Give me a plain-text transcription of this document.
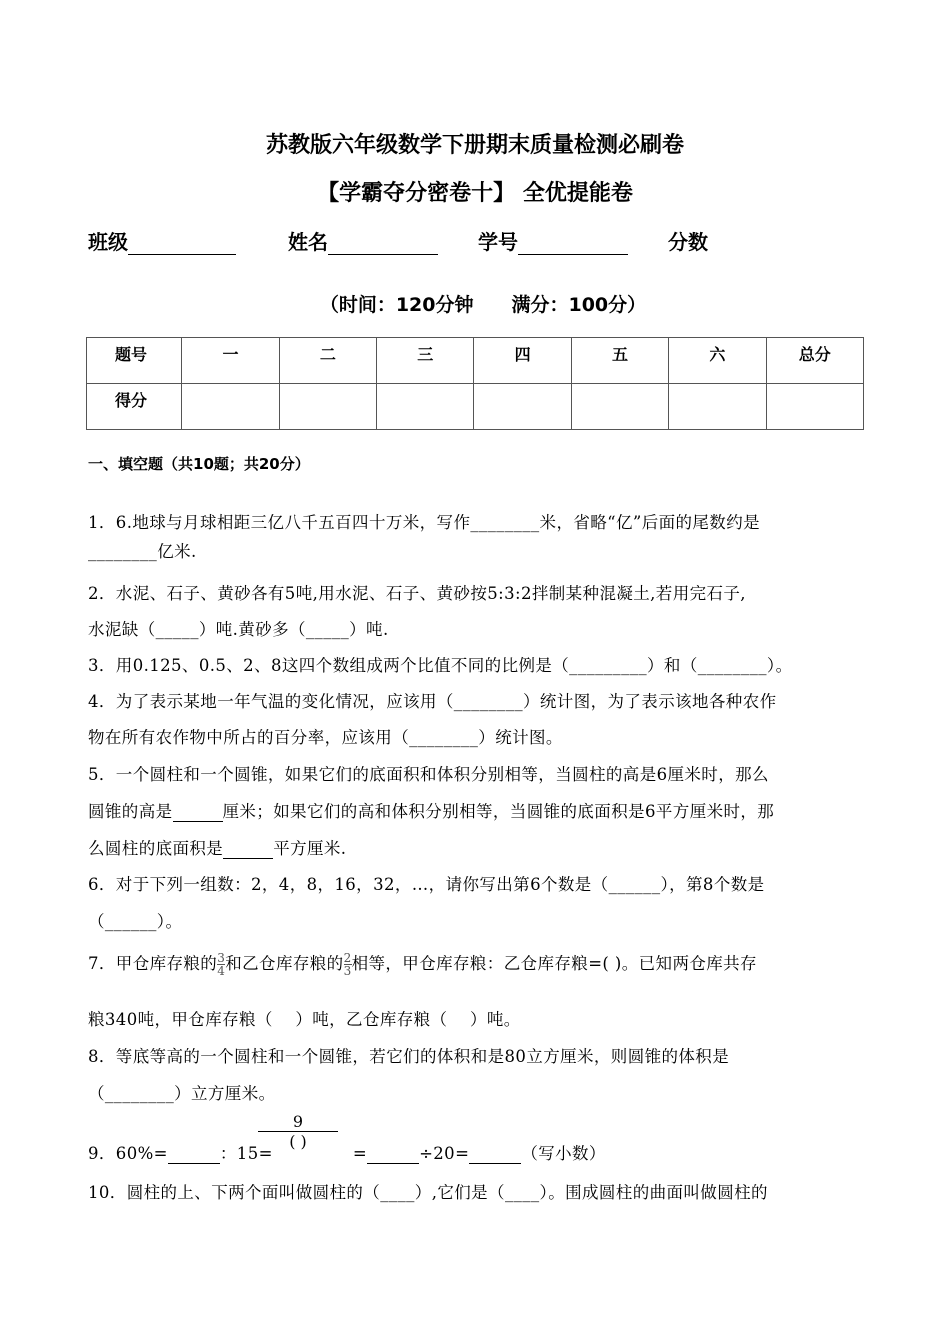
苏教版六年级数学下册期末质量检测必刷卷
【学霸夺分密卷十】 全优提能卷
班级	姓名	学号	分数
（时间：120分钟　　满分：100分）
题号	一	二	三	四	五	六	总分
得分							
一、填空题（共10题；共20分）
1．6.地球与月球相距三亿八千五百四十万米，写作________米，省略“亿”后面的尾数约是
________亿米.
2．水泥、石子、黄砂各有5吨,用水泥、石子、黄砂按5:3:2拌制某种混凝土,若用完石子,
水泥缺（_____）吨.黄砂多（_____）吨.
3．用0.125、0.5、2、8这四个数组成两个比值不同的比例是（_________）和（________）。
4．为了表示某地一年气温的变化情况，应该用（________）统计图，为了表示该地各种农作
物在所有农作物中所占的百分率，应该用（________）统计图。
5．一个圆柱和一个圆锥，如果它们的底面积和体积分别相等，当圆柱的高是6厘米时，那么
圆锥的高是	厘米；如果它们的高和体积分别相等，当圆锥的底面积是6平方厘米时，那
么圆柱的底面积是	平方厘米.
6．对于下列一组数：2，4，8，16，32，…，请你写出第6个数是（______），第8个数是
（______）。
7．甲仓库存粮的 $\frac{3}{4}$ 和乙仓库存粮的 $\frac{2}{3}$ 相等，甲仓库存粮：乙仓库存粮=( )。已知两仓库共存
粮340吨，甲仓库存粮（　 ）吨，乙仓库存粮（　 ）吨。
8．等底等高的一个圆柱和一个圆锥，若它们的体积和是80立方厘米，则圆锥的体积是
（________）立方厘米。
9
( )
9．60%=	：15=	=	÷20=	（写小数）
10．圆柱的上、下两个面叫做圆柱的（____）,它们是（____）。围成圆柱的曲面叫做圆柱的
